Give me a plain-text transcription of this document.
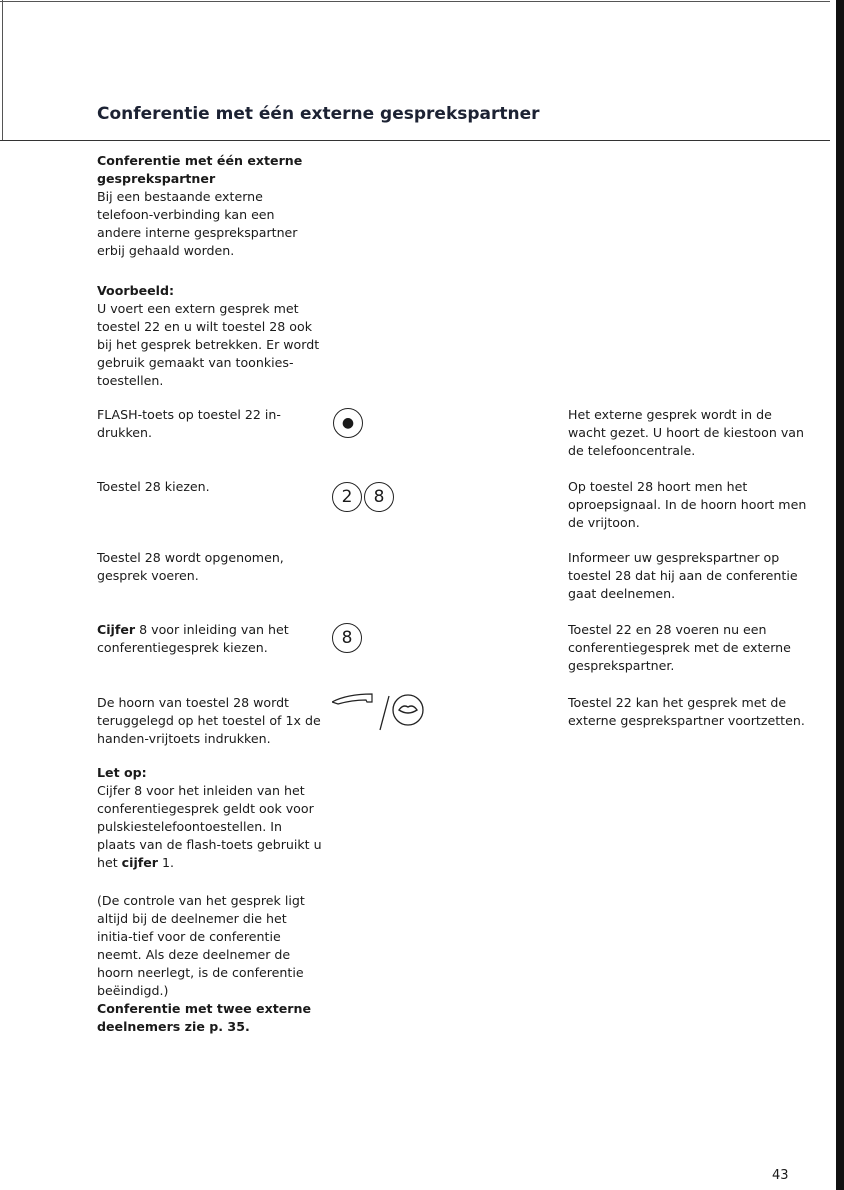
Conferentie met één externe gesprekspartner
Conferentie met één externe gesprekspartner
Bij een bestaande externe telefoon-verbinding kan een andere interne gesprekspartner erbij gehaald worden.
Voorbeeld:
U voert een extern gesprek met toestel 22 en u wilt toestel 28 ook bij het gesprek betrekken. Er wordt gebruik gemaakt van toonkies-toestellen.
FLASH-toets op toestel 22 in-drukken.
●
Het externe gesprek wordt in de wacht gezet. U hoort de kiestoon van de telefooncentrale.
Toestel 28 kiezen.
2 8
Op toestel 28 hoort men het oproepsignaal. In de hoorn hoort men de vrijtoon.
Toestel 28 wordt opgenomen, gesprek voeren.
Informeer uw gesprekspartner op toestel 28 dat hij aan de conferentie gaat deelnemen.
Cijfer 8 voor inleiding van het conferentiegesprek kiezen.	8	Toestel 22 en 28 voeren nu een conferentiegesprek met de externe gesprekspartner.
De hoorn van toestel 28 wordt teruggelegd op het toestel of 1x de handen-vrijtoets indrukken.
Toestel 22 kan het gesprek met de externe gesprekspartner voortzetten.
Let op:
Cijfer 8 voor het inleiden van het conferentiegesprek geldt ook voor pulskiestelefoontoestellen. In plaats van de flash-toets gebruikt u het cijfer 1.
(De controle van het gesprek ligt altijd bij de deelnemer die het initia-tief voor de conferentie neemt. Als deze deelnemer de hoorn neerlegt, is de conferentie beëindigd.)
Conferentie met twee externe deelnemers zie p. 35.
43
